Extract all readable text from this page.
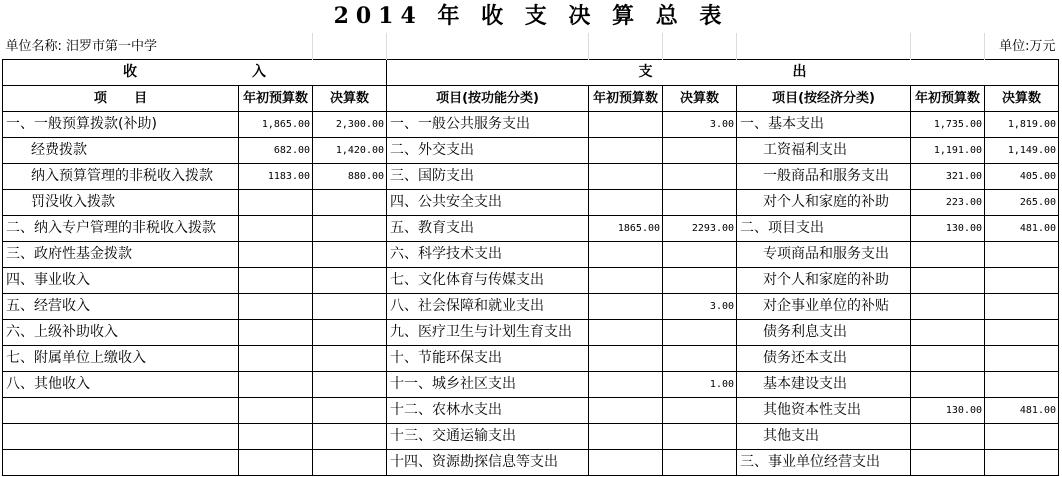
2014 年 收 支 决 算 总 表
单位名称: 汨罗市第一中学								单位:万元
收 入			支 出					
项      目	年初预算数	决算数	项目(按功能分类)	年初预算数	决算数	项目(按经济分类)	年初预算数	决算数
一、一般预算拨款(补助)	1,865.00	2,300.00	一、一般公共服务支出		3.00	一、基本支出	1,735.00	1,819.00
经费拨款	682.00	1,420.00	二、外交支出			工资福利支出	1,191.00	1,149.00
纳入预算管理的非税收入拨款	1183.00	880.00	三、国防支出			一般商品和服务支出	321.00	405.00
罚没收入拨款			四、公共安全支出			对个人和家庭的补助	223.00	265.00
二、纳入专户管理的非税收入拨款			五、教育支出	1865.00	2293.00	二、项目支出	130.00	481.00
三、政府性基金拨款			六、科学技术支出			专项商品和服务支出		
四、事业收入			七、文化体育与传媒支出			对个人和家庭的补助		
五、经营收入			八、社会保障和就业支出		3.00	对企事业单位的补贴		
六、上级补助收入			九、医疗卫生与计划生育支出			债务利息支出		
七、附属单位上缴收入			十、节能环保支出			债务还本支出		
八、其他收入			十一、城乡社区支出		1.00	基本建设支出		
			十二、农林水支出			其他资本性支出	130.00	481.00
			十三、交通运输支出			其他支出		
			十四、资源勘探信息等支出			三、事业单位经营支出		
